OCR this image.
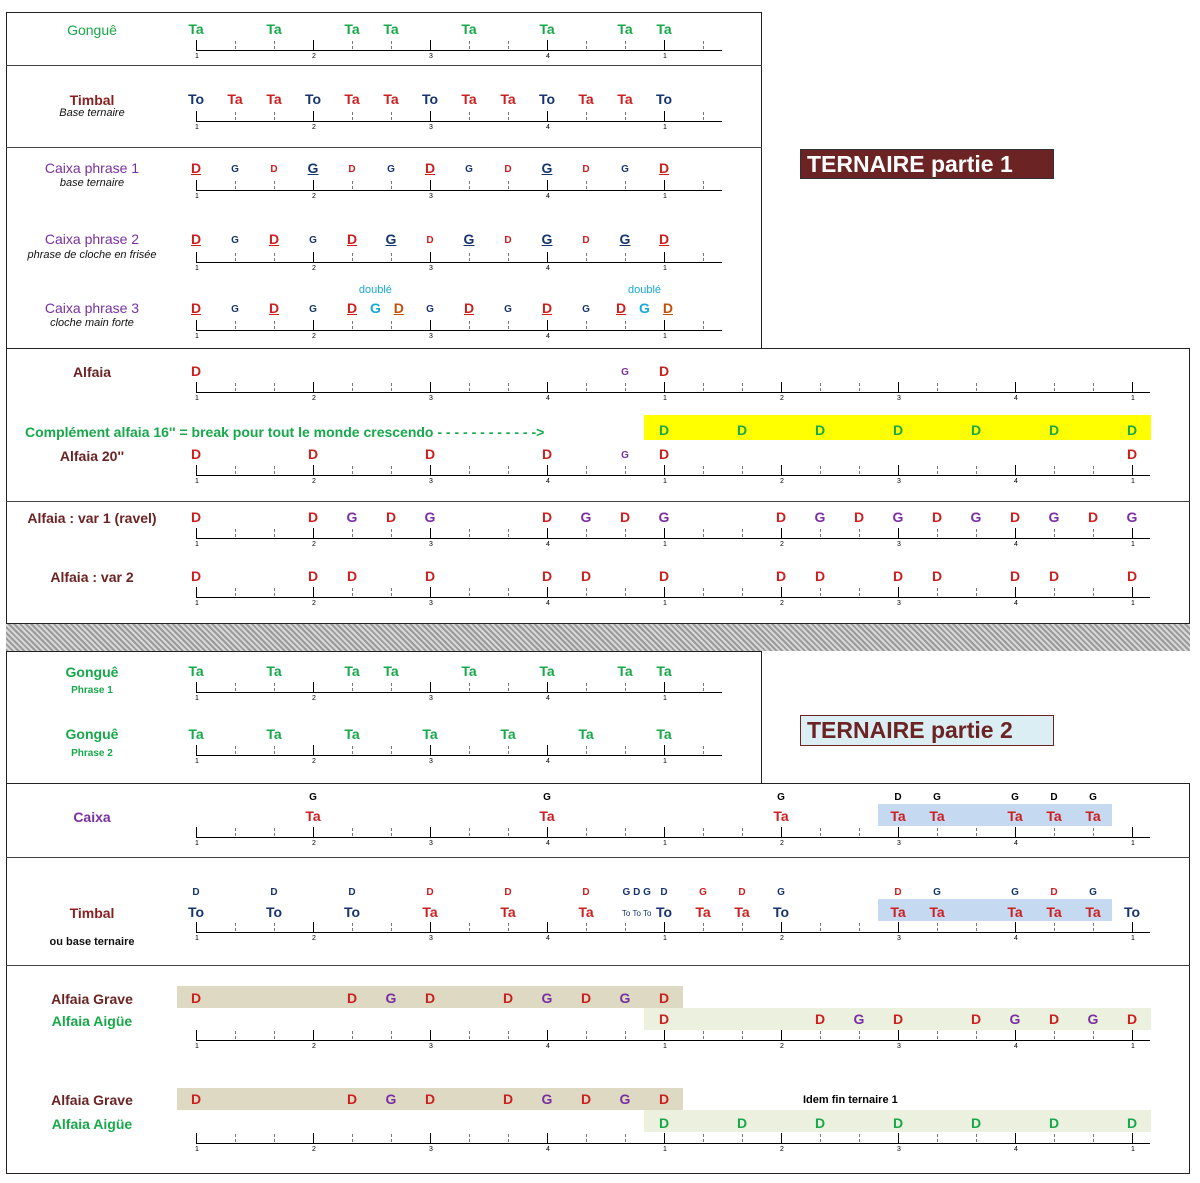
TERNAIRE partie 1
TERNAIRE partie 2
Gonguê
Timbal
Base ternaire
Caixa phrase 1
base ternaire
Caixa phrase 2
phrase de cloche en frisée
Caixa phrase 3
cloche main forte
Alfaia
Complément alfaia 16'' = break pour tout le monde crescendo - - - - - - - - - - - ->
Alfaia 20''
Alfaia : var 1 (ravel)
Alfaia : var 2
Gonguê
Phrase 1
Gonguê
Phrase 2
Caixa
Timbal
ou base ternaire
Alfaia Grave
Alfaia Aigüe
Alfaia Grave
Alfaia Aigüe
Idem fin ternaire 1
1	2	3	4	1
1	2	3	4	1
1	2	3	4	1
1	2	3	4	1
1	2	3	4	1
1	2	3	4	1	2	3	4	1
1	2	3	4	1	2	3	4	1
1	2	3	4	1	2	3	4	1
1	2	3	4	1	2	3	4	1
1	2	3	4	1
1	2	3	4	1
1	2	3	4	1	2	3	4	1
1	2	3	4	1	2	3	4	1
1	2	3	4	1	2	3	4	1
1	2	3	4	1	2	3	4	1
Ta	Ta	Ta Ta	Ta	Ta	Ta Ta
To Ta Ta To Ta Ta To Ta Ta To Ta Ta To
D	G	D G	D	G D	G	D G	D	G D
D	G D	G D G	D G	D G	D G D
D	G D	G D G D G D	G D	G D G D
D	G D
D	D	D	D	G D	D
D	D G D G	D G D G	D G D G D G D G D G
D	D D	D	D D	D	D D	D D	D D	D
Ta	Ta	Ta Ta	Ta	Ta	Ta Ta
Ta	Ta	Ta	Ta	Ta	Ta	Ta
Ta	Ta	Ta	Ta Ta	Ta Ta Ta
To	To	To	Ta	Ta	Ta	To Ta Ta To	Ta Ta	Ta Ta Ta To
D	D G D	D G D G D
D	D	D	D	D	D	D
D	D	D	D	D	D	D
doublé	doublé
G	G	G	D	G	G	D	G
D	D	D	D	D	D	G D G D	G	D	G	D	G	G	D	G
To To To
D	D G D	D G D G D
D	D G D	D G D G D
